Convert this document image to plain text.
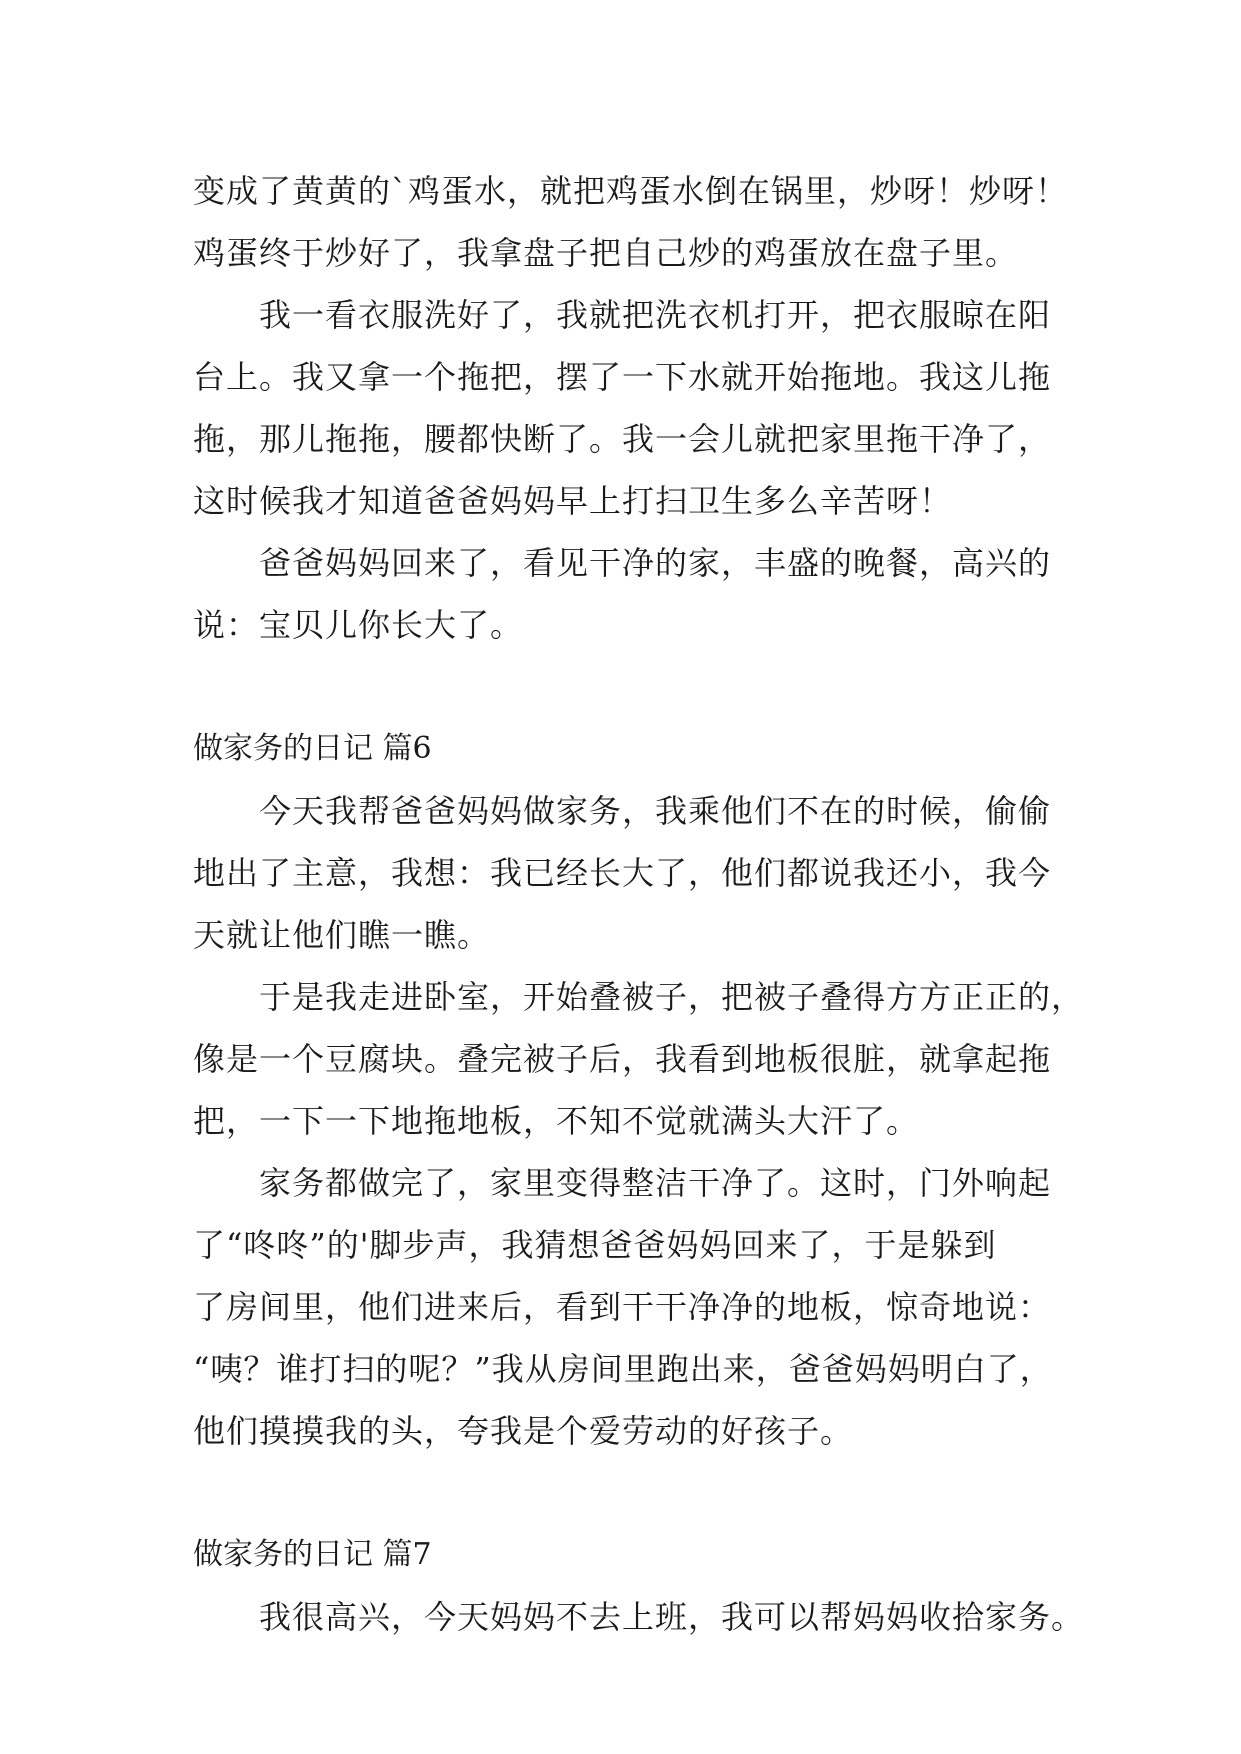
变成了黄黄的`鸡蛋水，就把鸡蛋水倒在锅里，炒呀！炒呀！
鸡蛋终于炒好了，我拿盘子把自己炒的鸡蛋放在盘子里。
我一看衣服洗好了，我就把洗衣机打开，把衣服晾在阳
台上。我又拿一个拖把，摆了一下水就开始拖地。我这儿拖
拖，那儿拖拖，腰都快断了。我一会儿就把家里拖干净了，
这时候我才知道爸爸妈妈早上打扫卫生多么辛苦呀！
爸爸妈妈回来了，看见干净的家，丰盛的晚餐，高兴的
说：宝贝儿你长大了。
做家务的日记 篇6
今天我帮爸爸妈妈做家务，我乘他们不在的时候，偷偷
地出了主意，我想：我已经长大了，他们都说我还小，我今
天就让他们瞧一瞧。
于是我走进卧室，开始叠被子，把被子叠得方方正正的，
像是一个豆腐块。叠完被子后，我看到地板很脏，就拿起拖
把，一下一下地拖地板，不知不觉就满头大汗了。
家务都做完了，家里变得整洁干净了。这时，门外响起
了“咚咚”的'脚步声，我猜想爸爸妈妈回来了，于是躲到
了房间里，他们进来后，看到干干净净的地板，惊奇地说：
“咦？谁打扫的呢？”我从房间里跑出来，爸爸妈妈明白了，
他们摸摸我的头，夸我是个爱劳动的好孩子。
做家务的日记 篇7
我很高兴，今天妈妈不去上班，我可以帮妈妈收拾家务。
